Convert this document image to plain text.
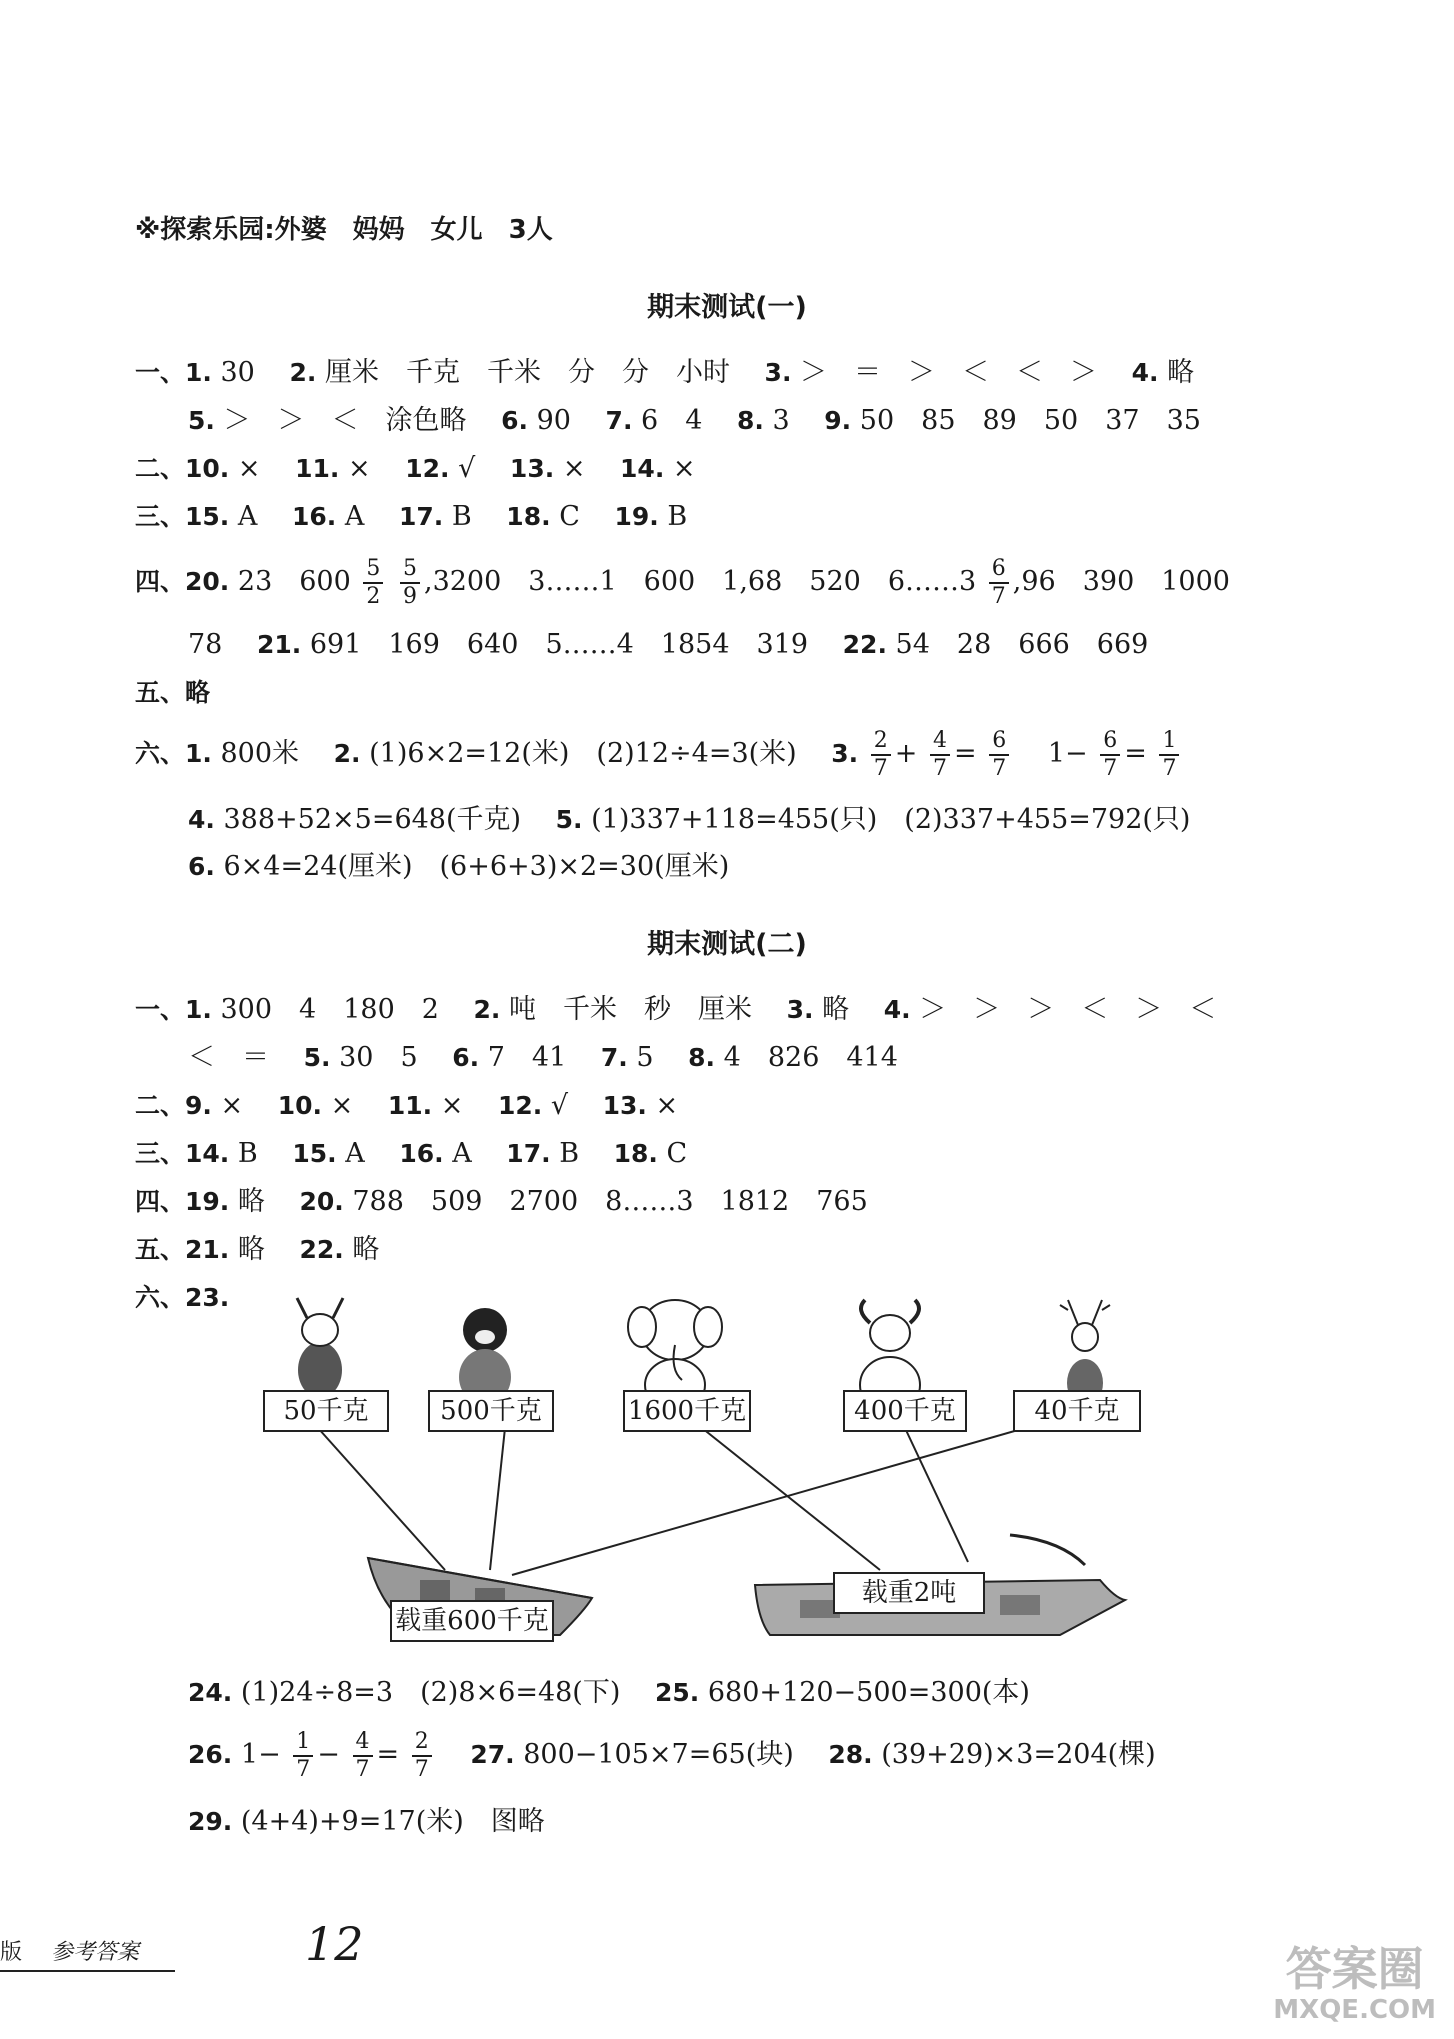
※探索乐园:外婆　妈妈　女儿　3人
期末测试(一)
一、1. 30 2. 厘米　千克　千米　分　分　小时 3. ＞　＝　＞　＜　＜　＞ 4. 略
5. ＞　＞　＜　涂色略 6. 90 7. 6　4 8. 3 9. 50　85　89　50　37　35
二、10. × 11. × 12. √ 13. × 14. ×
三、15. A 16. A 17. B 18. C 19. B
四、20. 23　$600 \frac{5}{2}$
$\frac{5}{9} ,3200$　3……1　600　1,68　520　6……3 $\frac{6}{7} ,96$　390　1000
78 21. 691　169　640　5……4　1854　319 22. 54　28　666　669
五、略
六、1. 800米 2. (1)6×2=12(米)　(2)12÷4=3(米) 3. $\frac{2}{7} + \frac{4}{7} = \frac{6}{7} 1- \frac{6}{7} = \frac{1}{7}$
4. 388+52×5=648(千克) 5. (1)337+118=455(只)　(2)337+455=792(只)
6. 6×4=24(厘米)　(6+6+3)×2=30(厘米)
期末测试(二)
一、1. 300　4　180　2 2. 吨　千米　秒　厘米 3. 略 4. ＞　＞　＞　＜　＞　＜
＜　＝ 5. 30　5 6. 7　41 7. 5 8. 4　826　414
二、9. × 10. × 11. × 12. √ 13. ×
三、14. B 15. A 16. A 17. B 18. C
四、19. 略 20. 788　509　2700　8……3　1812　765
五、21. 略 22. 略
六、23.
50千克	500千克	1600千克	400千克	40千克
载重600千克
载重2吨
24. (1)24÷8=3　(2)8×6=48(下) 25. 680+120−500=300(本)
26. $1- \frac{1}{7} - \frac{4}{7} = \frac{2}{7} 27$. 800−105×7=65(块) 28. (39+29)×3=204(棵)
29. (4+4)+9=17(米)　图略
版 参考答案	12	答案圈
MXQE.COM
